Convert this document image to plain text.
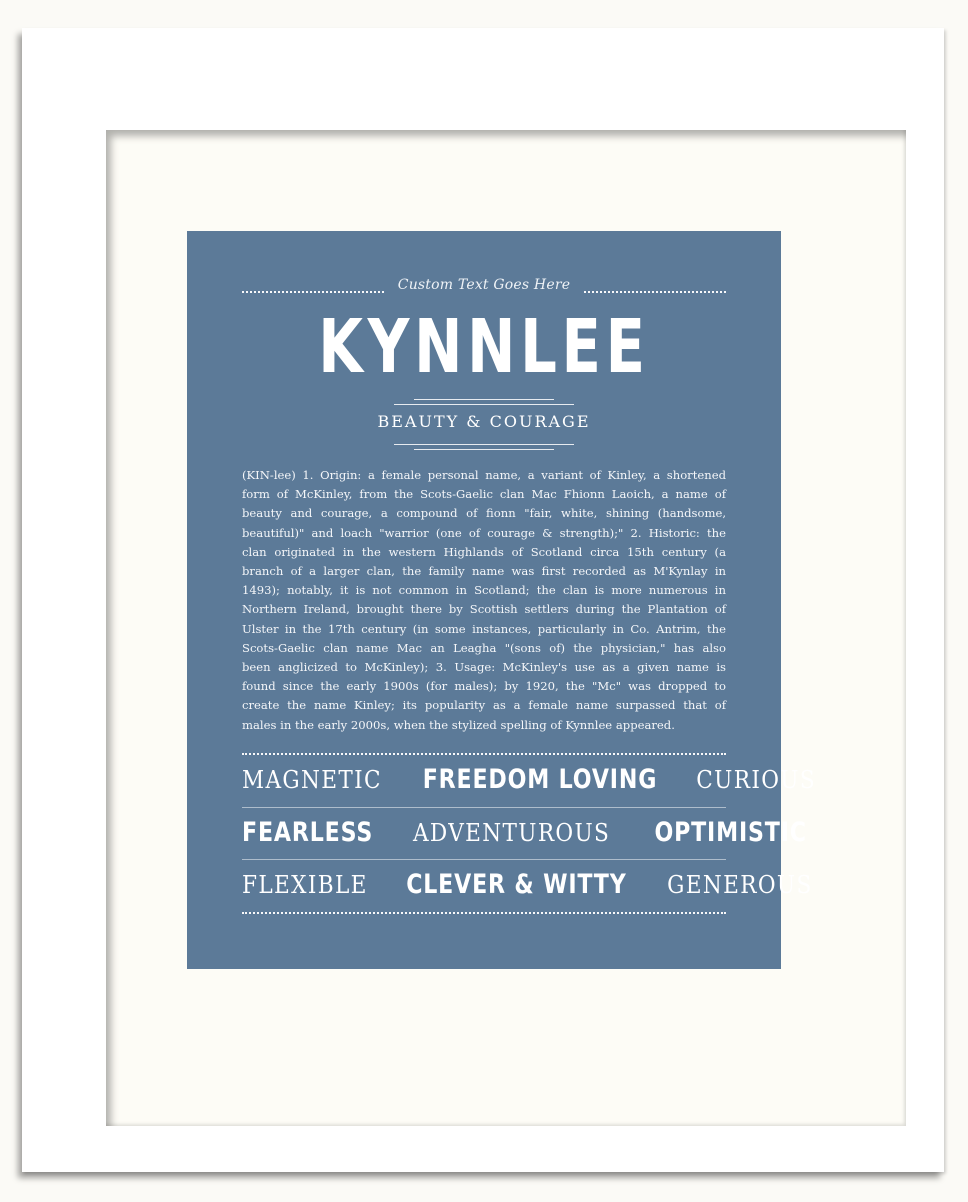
Custom Text Goes Here
KYNNLEE
BEAUTY & COURAGE
(KIN-lee) 1. Origin: a female personal name, a variant of Kinley, a shortened
form of McKinley, from the Scots-Gaelic clan Mac Fhionn Laoich, a name of
beauty and courage, a compound of fionn "fair, white, shining (handsome,
beautiful)" and loach "warrior (one of courage & strength);" 2. Historic: the
clan originated in the western Highlands of Scotland circa 15th century (a
branch of a larger clan, the family name was first recorded as M'Kynlay in
1493); notably, it is not common in Scotland; the clan is more numerous in
Northern Ireland, brought there by Scottish settlers during the Plantation of
Ulster in the 17th century (in some instances, particularly in Co. Antrim, the
Scots-Gaelic clan name Mac an Leagha "(sons of) the physician," has also
been anglicized to McKinley); 3. Usage: McKinley's use as a given name is
found since the early 1900s (for males); by 1920, the "Mc" was dropped to
create the name Kinley; its popularity as a female name surpassed that of
males in the early 2000s, when the stylized spelling of Kynnlee appeared.
MAGNETIC FREEDOM LOVING CURIOUS
FEARLESS ADVENTUROUS OPTIMISTIC
FLEXIBLE CLEVER & WITTY GENEROUS
